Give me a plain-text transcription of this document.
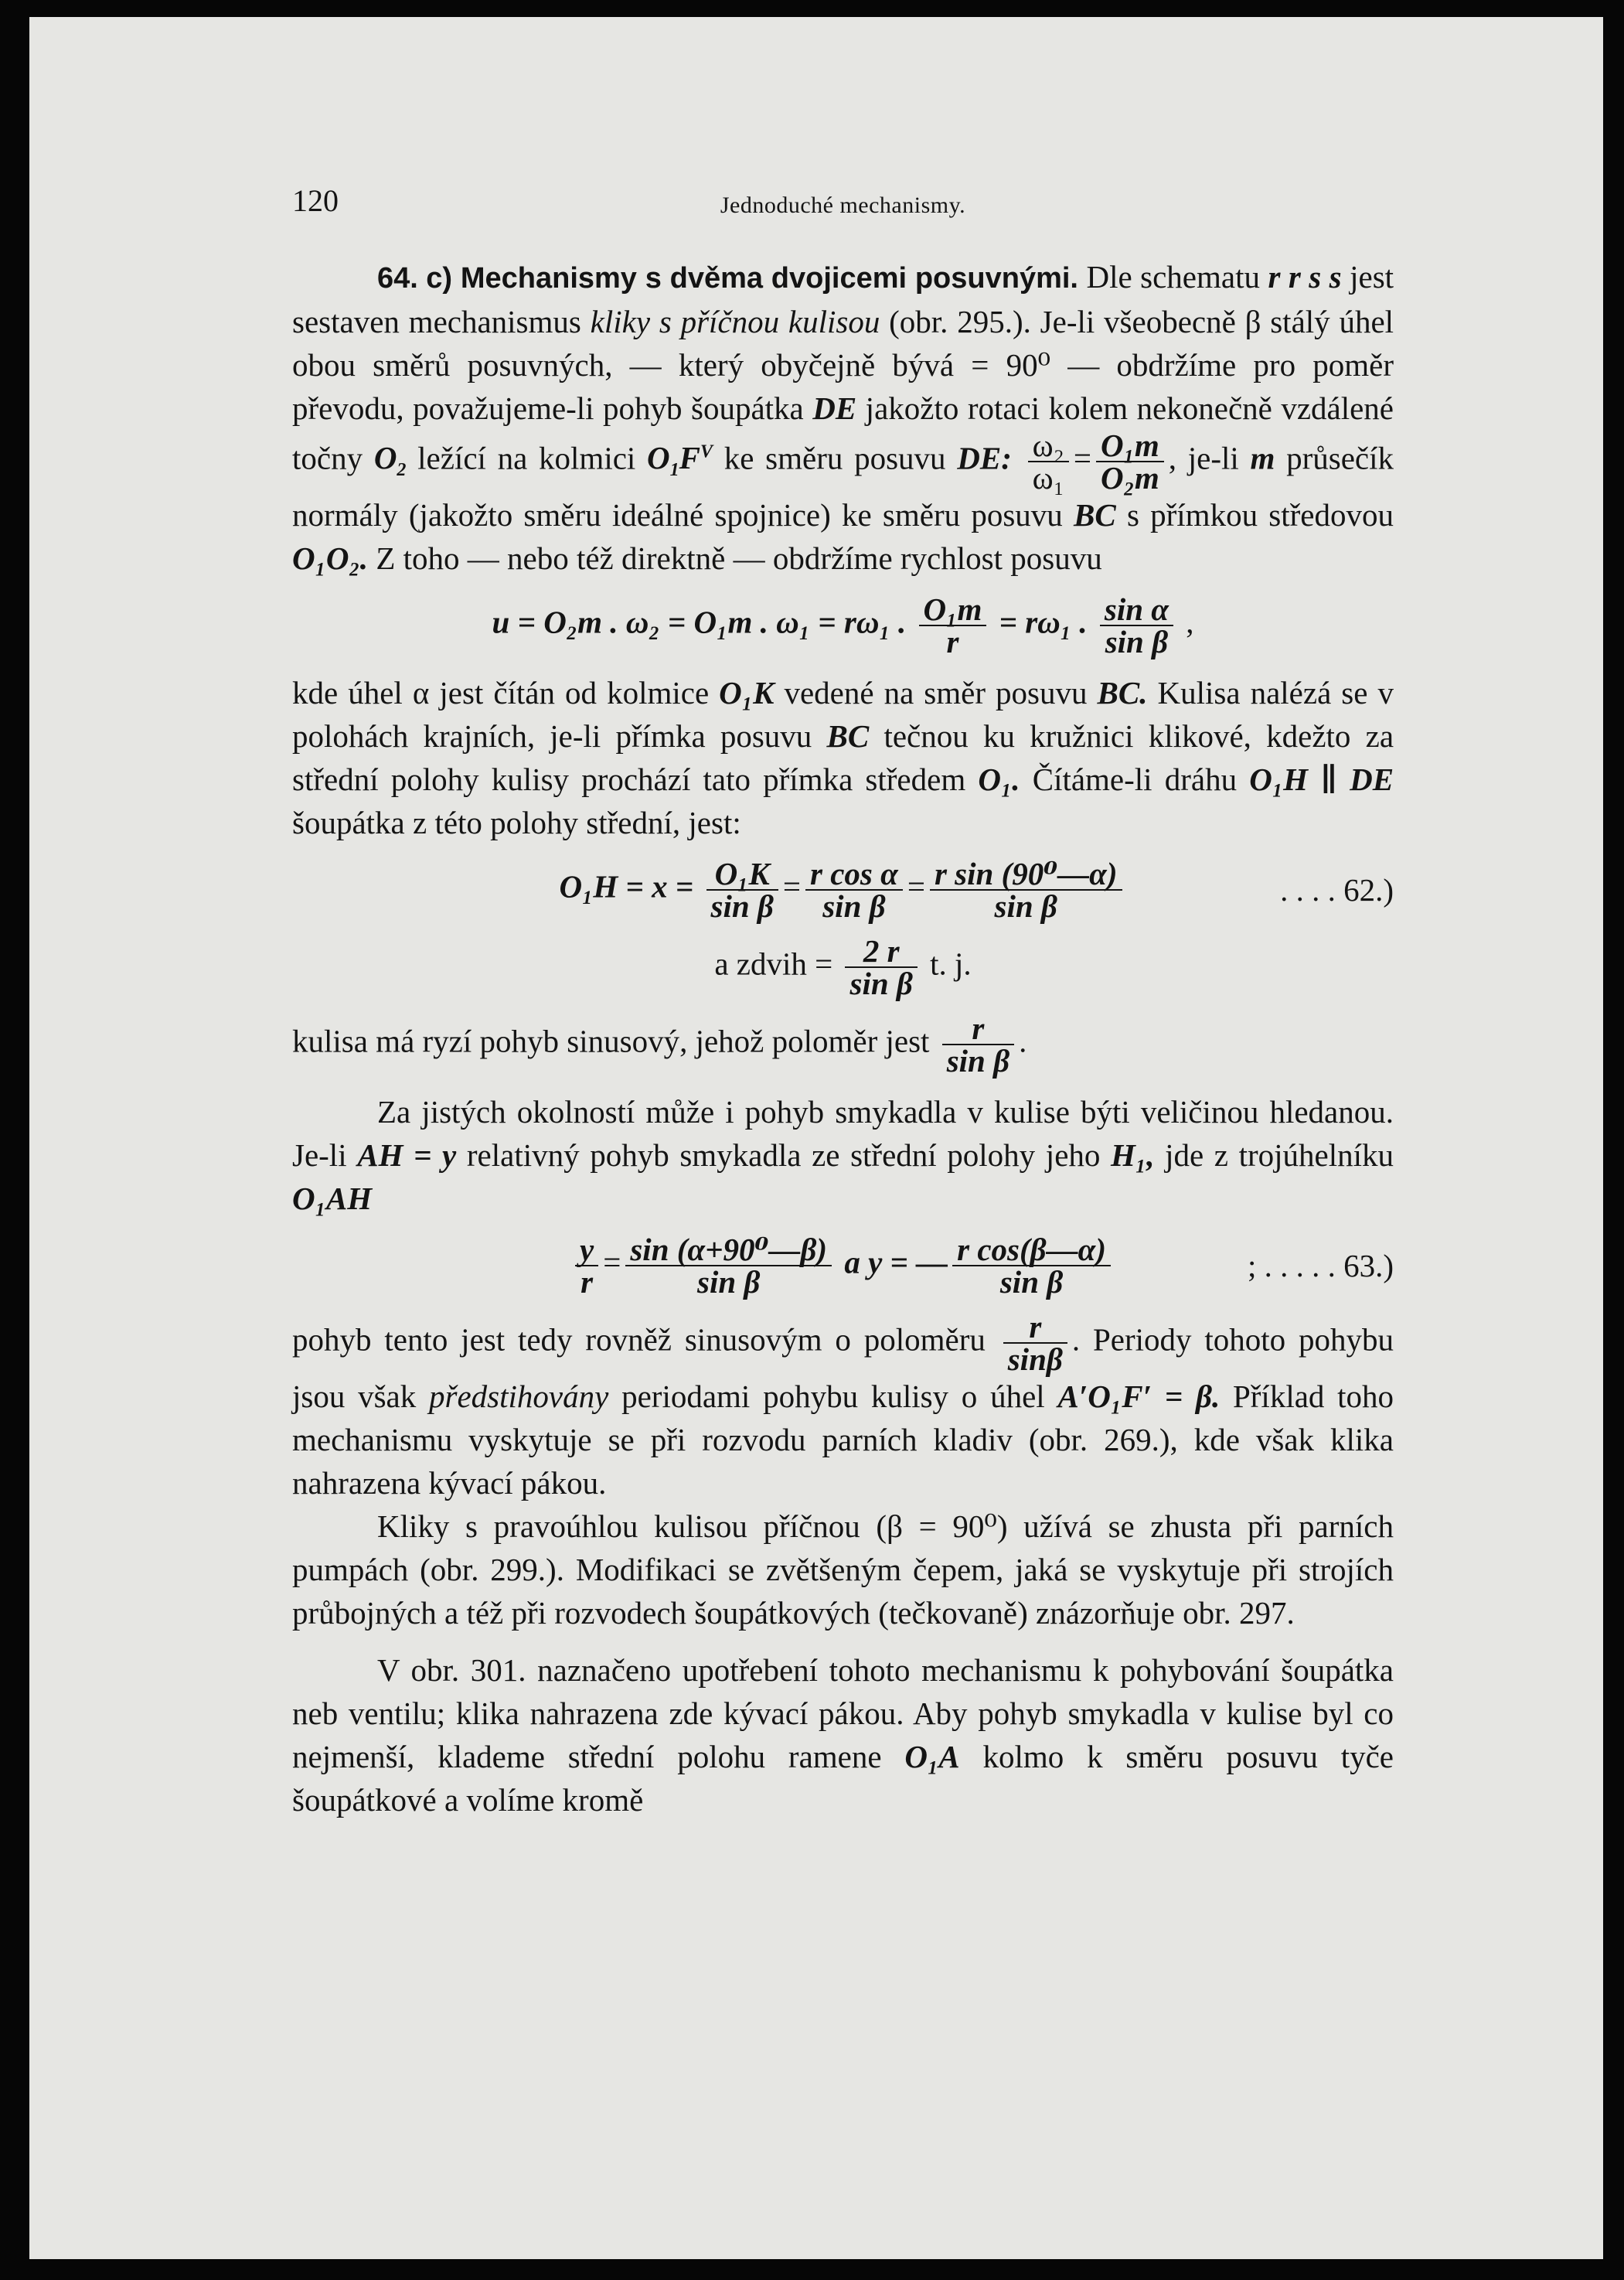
120	Jednoduché mechanismy.

64. c) Mechanismy s dvěma dvojicemi posuvnými. Dle schematu r r s s jest sestaven mechanismus kliky s příčnou kulisou (obr. 295.). Je-li všeobecně β stálý úhel obou směrů posuvných, — který obyčejně bývá = 90⁰ — obdržíme pro poměr převodu, považujeme-li pohyb šoupátka DE jakožto rotaci kolem nekonečně vzdálené točny $O_2$ ležící na kolmici $O_1F^V$ ke směru posuvu DE: $\frac{\text{ω₂}}{\text{ω₁}} = \frac{\text{O₁m}}{\text{O₂m}}$ , je-li m průsečík normály (jakožto směru ideálné spojnice) ke směru posuvu BC s přímkou středovou O₁O₂. Z toho — nebo též direktně — obdržíme rychlost posuvu

u = O₂m . ω₂ = O₁m . ω₁ = rω₁ . $\frac{\text{O₁m}}{r} = r\omega_1$ . $\frac{\text{sin α}}{\text{sin β}}$ ,

kde úhel α jest čítán od kolmice O₁K vedené na směr posuvu BC. Kulisa nalézá se v polohách krajních, je-li přímka posuvu BC tečnou ku kružnici klikové, kdežto za střední polohy kulisy prochází tato přímka středem O₁. Čítáme-li dráhu O₁H ∥ DE šoupátka z této polohy střední, jest:

$O_1H = x = \frac{\text{O₁K}}{\text{sin β}} = \frac{\text{r cos α}}{\text{sin β}} = \frac{\text{r sin (90⁰—α)}}{\text{sin β}}$	. . . . 62.)
a zdvih = $\frac{2 r}{\text{sin β}} t$. j.

kulisa má ryzí pohyb sinusový, jehož poloměr jest $\frac{r}{\text{sin β}}$ .

Za jistých okolností může i pohyb smykadla v kulise býti veličinou hledanou. Je-li AH = y relativný pohyb smykadla ze střední polohy jeho H₁, jde z trojúhelníku O₁AH

$\frac{y}{r} = \frac{\text{sin (α+90⁰—β)}}{\text{sin β}}$ a y = — $\frac{\text{r cos(β—α)}}{\text{sin β}}$	; . . . . . 63.)

pohyb tento jest tedy rovněž sinusovým o poloměru $\frac{r}{\sin\beta}$ . Periody tohoto pohybu jsou však předstihovány periodami pohybu kulisy o úhel A′O₁F′ = β. Příklad toho mechanismu vyskytuje se při rozvodu parních kladiv (obr. 269.), kde však klika nahrazena kývací pákou.

Kliky s pravoúhlou kulisou příčnou (β = 90⁰) užívá se zhusta při parních pumpách (obr. 299.). Modifikaci se zvětšeným čepem, jaká se vyskytuje při strojích průbojných a též při rozvodech šoupátkových (tečkovaně) znázorňuje obr. 297.

V obr. 301. naznačeno upotřebení tohoto mechanismu k pohybování šoupátka neb ventilu; klika nahrazena zde kývací pákou. Aby pohyb smykadla v kulise byl co nejmenší, klademe střední polohu ramene O₁A kolmo k směru posuvu tyče šoupátkové a volíme kromě
